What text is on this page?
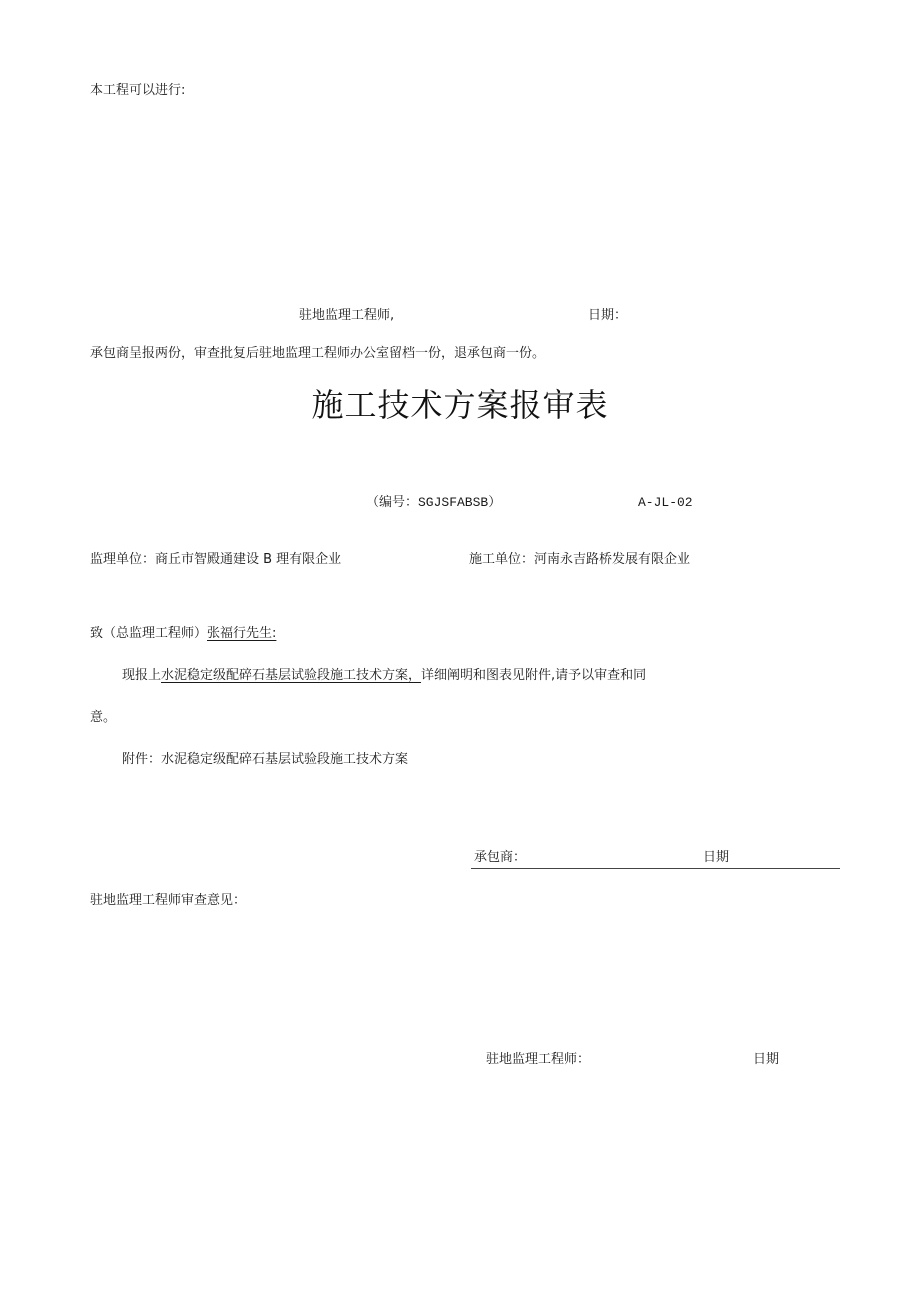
本工程可以进行:
驻地监理工程师,	日期：
承包商呈报两份，审查批复后驻地监理工程师办公室留档一份，退承包商一份。
施工技术方案报审表
（编号：SGJSFABSB）	A-JL-02
监理单位：商丘市智殿通建设 B 理有限企业	施工单位：河南永吉路桥发展有限企业
致（总监理工程师）张福行先生:
现报上水泥稳定级配碎石基层试验段施工技术方案，详细阐明和图表见附件,请予以审查和同
意。
附件：水泥稳定级配碎石基层试验段施工技术方案
承包商：	日期
驻地监理工程师审查意见：
驻地监理工程师：	日期
